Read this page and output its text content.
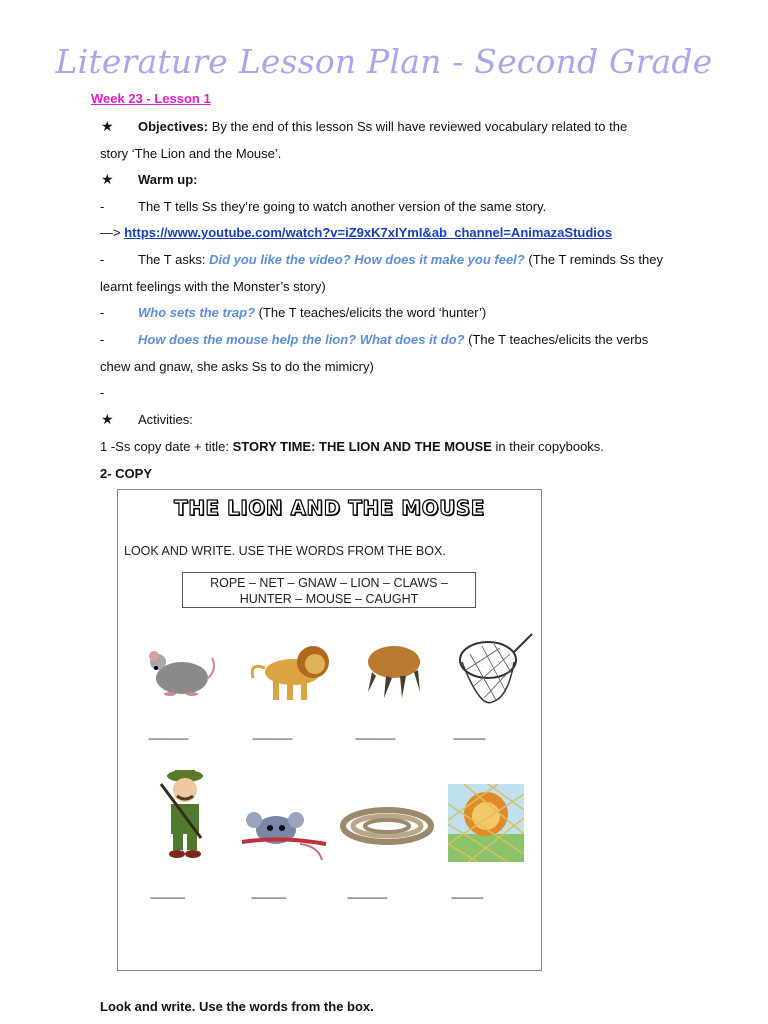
Literature Lesson Plan - Second Grade
Week 23 - Lesson 1
★ Objectives: By the end of this lesson Ss will have reviewed vocabulary related to the
story ‘The Lion and the Mouse’.
★ Warm up:
-	The T tells Ss they’re going to watch another version of the same story.
—> https://www.youtube.com/watch?v=iZ9xK7xIYmI&ab_channel=AnimazaStudios
-	The T asks: Did you like the video? How does it make you feel? (The T reminds Ss they
learnt feelings with the Monster’s story)
-	Who sets the trap? (The T teaches/elicits the word ‘hunter’)
-	How does the mouse help the lion? What does it do? (The T teaches/elicits the verbs
chew and gnaw, she asks Ss to do the mimicry)
-
★ Activities:
1 -Ss copy date + title: STORY TIME: THE LION AND THE MOUSE in their copybooks.
2- COPY
THE LION AND THE MOUSE
LOOK AND WRITE. USE THE WORDS FROM THE BOX.
ROPE – NET – GNAW – LION – CLAWS –
HUNTER – MOUSE – CAUGHT
---------------	---------------	---------------	------------
-------------	-------------	---------------	------------
Look and write. Use the words from the box.
